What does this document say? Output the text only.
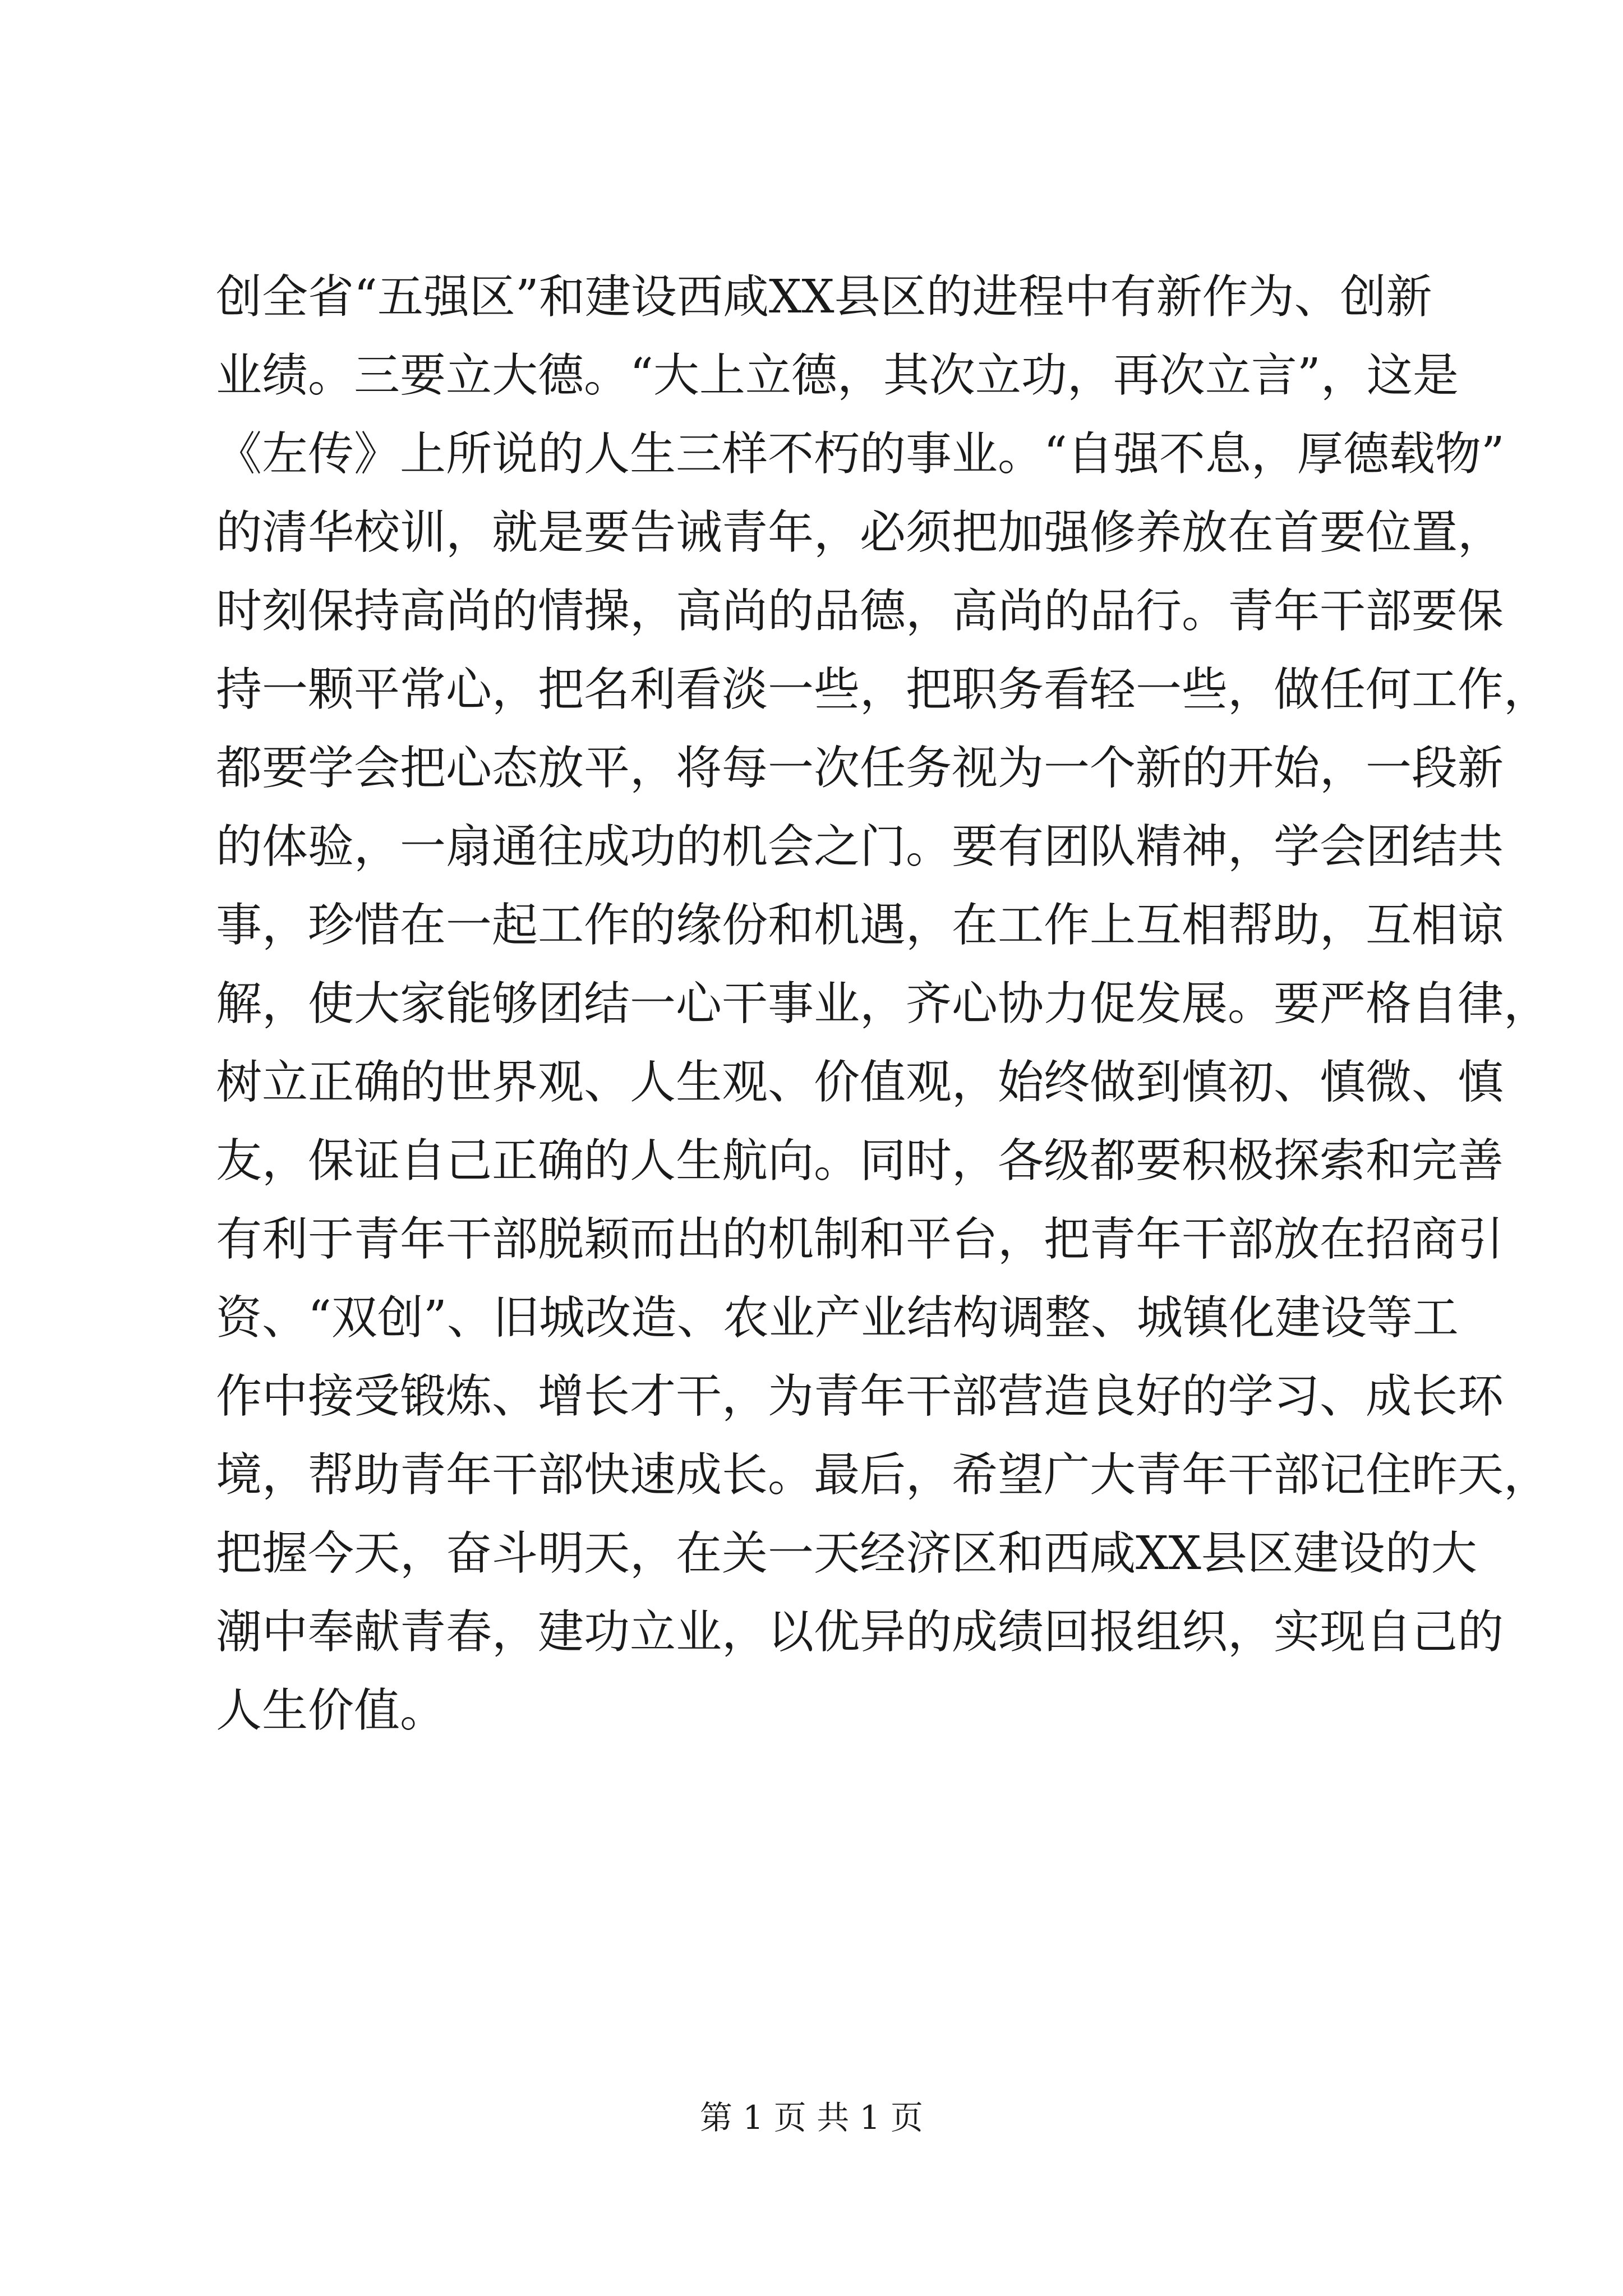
创全省“五强区”和建设西咸XX县区的进程中有新作为、创新
业绩。三要立大德。“大上立德，其次立功，再次立言”，这是
《左传》上所说的人生三样不朽的事业。“自强不息，厚德载物”
的清华校训，就是要告诫青年，必须把加强修养放在首要位置，
时刻保持高尚的情操，高尚的品德，高尚的品行。青年干部要保
持一颗平常心，把名利看淡一些，把职务看轻一些，做任何工作，
都要学会把心态放平，将每一次任务视为一个新的开始，一段新
的体验，一扇通往成功的机会之门。要有团队精神，学会团结共
事，珍惜在一起工作的缘份和机遇，在工作上互相帮助，互相谅
解，使大家能够团结一心干事业，齐心协力促发展。要严格自律，
树立正确的世界观、人生观、价值观，始终做到慎初、慎微、慎
友，保证自己正确的人生航向。同时，各级都要积极探索和完善
有利于青年干部脱颖而出的机制和平台，把青年干部放在招商引
资、“双创”、旧城改造、农业产业结构调整、城镇化建设等工
作中接受锻炼、增长才干，为青年干部营造良好的学习、成长环
境，帮助青年干部快速成长。最后，希望广大青年干部记住昨天，
把握今天，奋斗明天，在关一天经济区和西咸XX县区建设的大
潮中奉献青春，建功立业，以优异的成绩回报组织，实现自己的
人生价值。
第 1 页 共 1 页
